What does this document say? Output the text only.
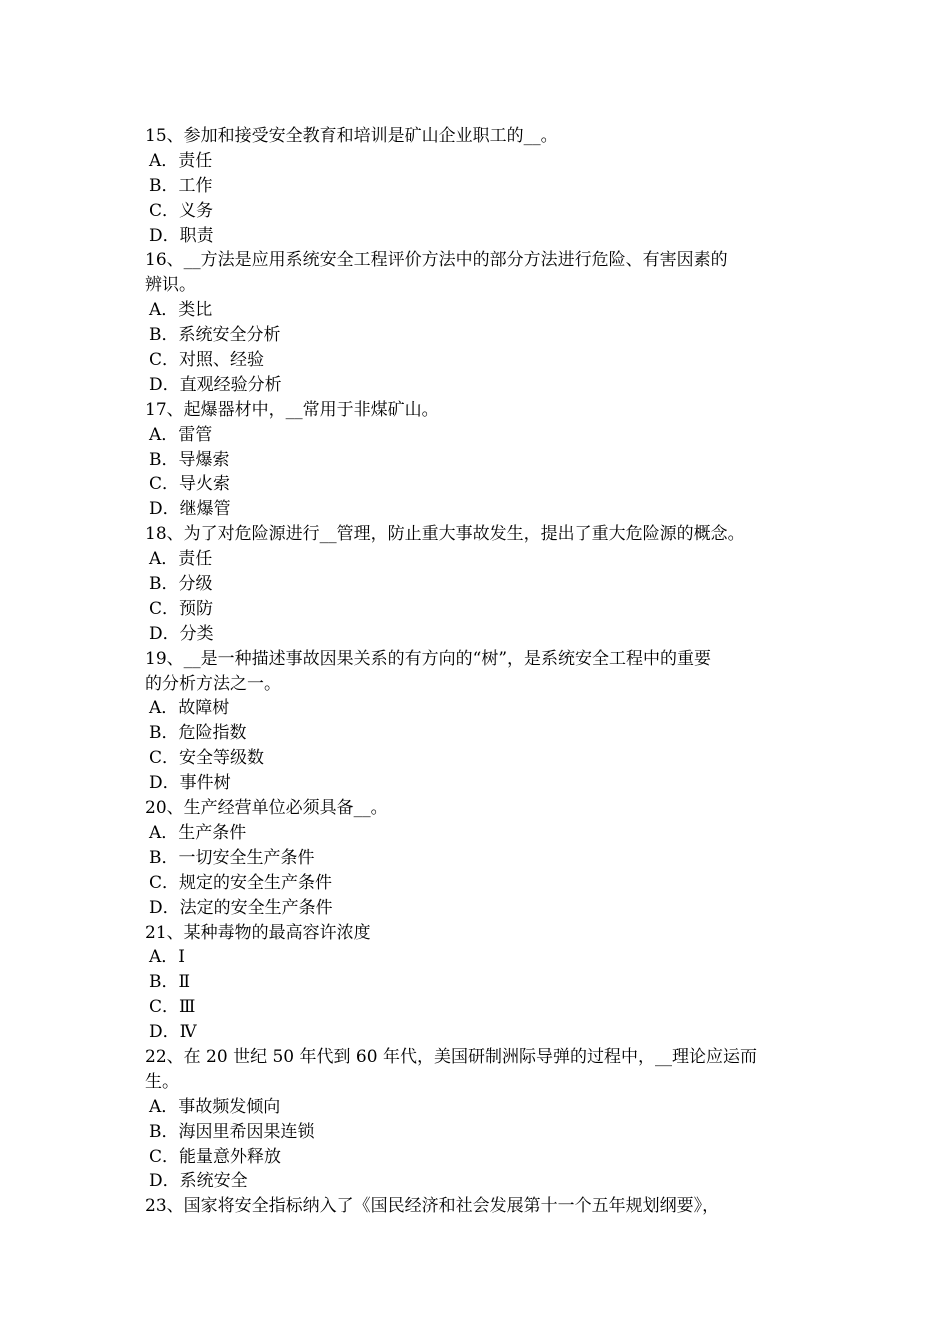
15、参加和接受安全教育和培训是矿山企业职工的__。
A．责任
B．工作
C．义务
D．职责
16、__方法是应用系统安全工程评价方法中的部分方法进行危险、有害因素的
辨识。
A．类比
B．系统安全分析
C．对照、经验
D．直观经验分析
17、起爆器材中，__常用于非煤矿山。
A．雷管
B．导爆索
C．导火索
D．继爆管
18、为了对危险源进行__管理，防止重大事故发生，提出了重大危险源的概念。
A．责任
B．分级
C．预防
D．分类
19、__是一种描述事故因果关系的有方向的“树”，是系统安全工程中的重要
的分析方法之一。
A．故障树
B．危险指数
C．安全等级数
D．事件树
20、生产经营单位必须具备__。
A．生产条件
B．一切安全生产条件
C．规定的安全生产条件
D．法定的安全生产条件
21、某种毒物的最高容许浓度
A．Ⅰ
B．Ⅱ
C．Ⅲ
D．Ⅳ
22、在 20 世纪 50 年代到 60 年代，美国研制洲际导弹的过程中，__理论应运而
生。
A．事故频发倾向
B．海因里希因果连锁
C．能量意外释放
D．系统安全
23、国家将安全指标纳入了《国民经济和社会发展第十一个五年规划纲要》，
